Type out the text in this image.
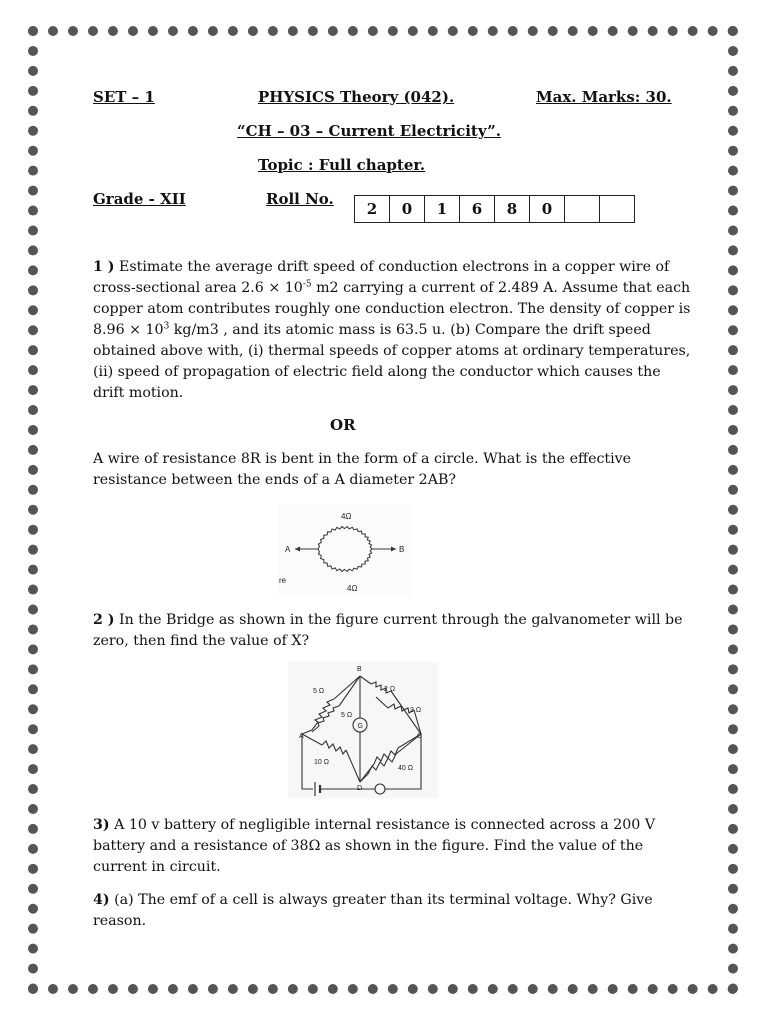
SET – 1	PHYSICS Theory (042).	Max. Marks: 30.
“CH – 03 – Current Electricity”.
Topic : Full chapter.
Grade - XII	Roll No.
2	0	1	6	8	0		
1 ) Estimate the average drift speed of conduction electrons in a copper wire of cross-sectional area $2.6 \times 10^{-5}$ m2 carrying a current of 2.489 A. Assume that each copper atom contributes roughly one conduction electron. The density of copper is $8.96 \times 10^3$ kg/m3 , and its atomic mass is 63.5 u. (b) Compare the drift speed obtained above with, (i) thermal speeds of copper atoms at ordinary temperatures, (ii) speed of propagation of electric field along the conductor which causes the drift motion.
OR
A wire of resistance 8R is bent in the form of a circle. What is the effective resistance between the ends of a A diameter 2AB?
4Ω
4Ω
A	B
re
2 ) In the Bridge as shown in the figure current through the galvanometer will be zero, then find the value of X?
B
A	C
D
G
5 Ω	2 Ω
3 Ω
5 Ω
10 Ω
40 Ω
3) A 10 v battery of negligible internal resistance is connected across a 200 V battery and a resistance of 38Ω as shown in the figure. Find the value of the current in circuit.
4) (a) The emf of a cell is always greater than its terminal voltage. Why? Give reason.
